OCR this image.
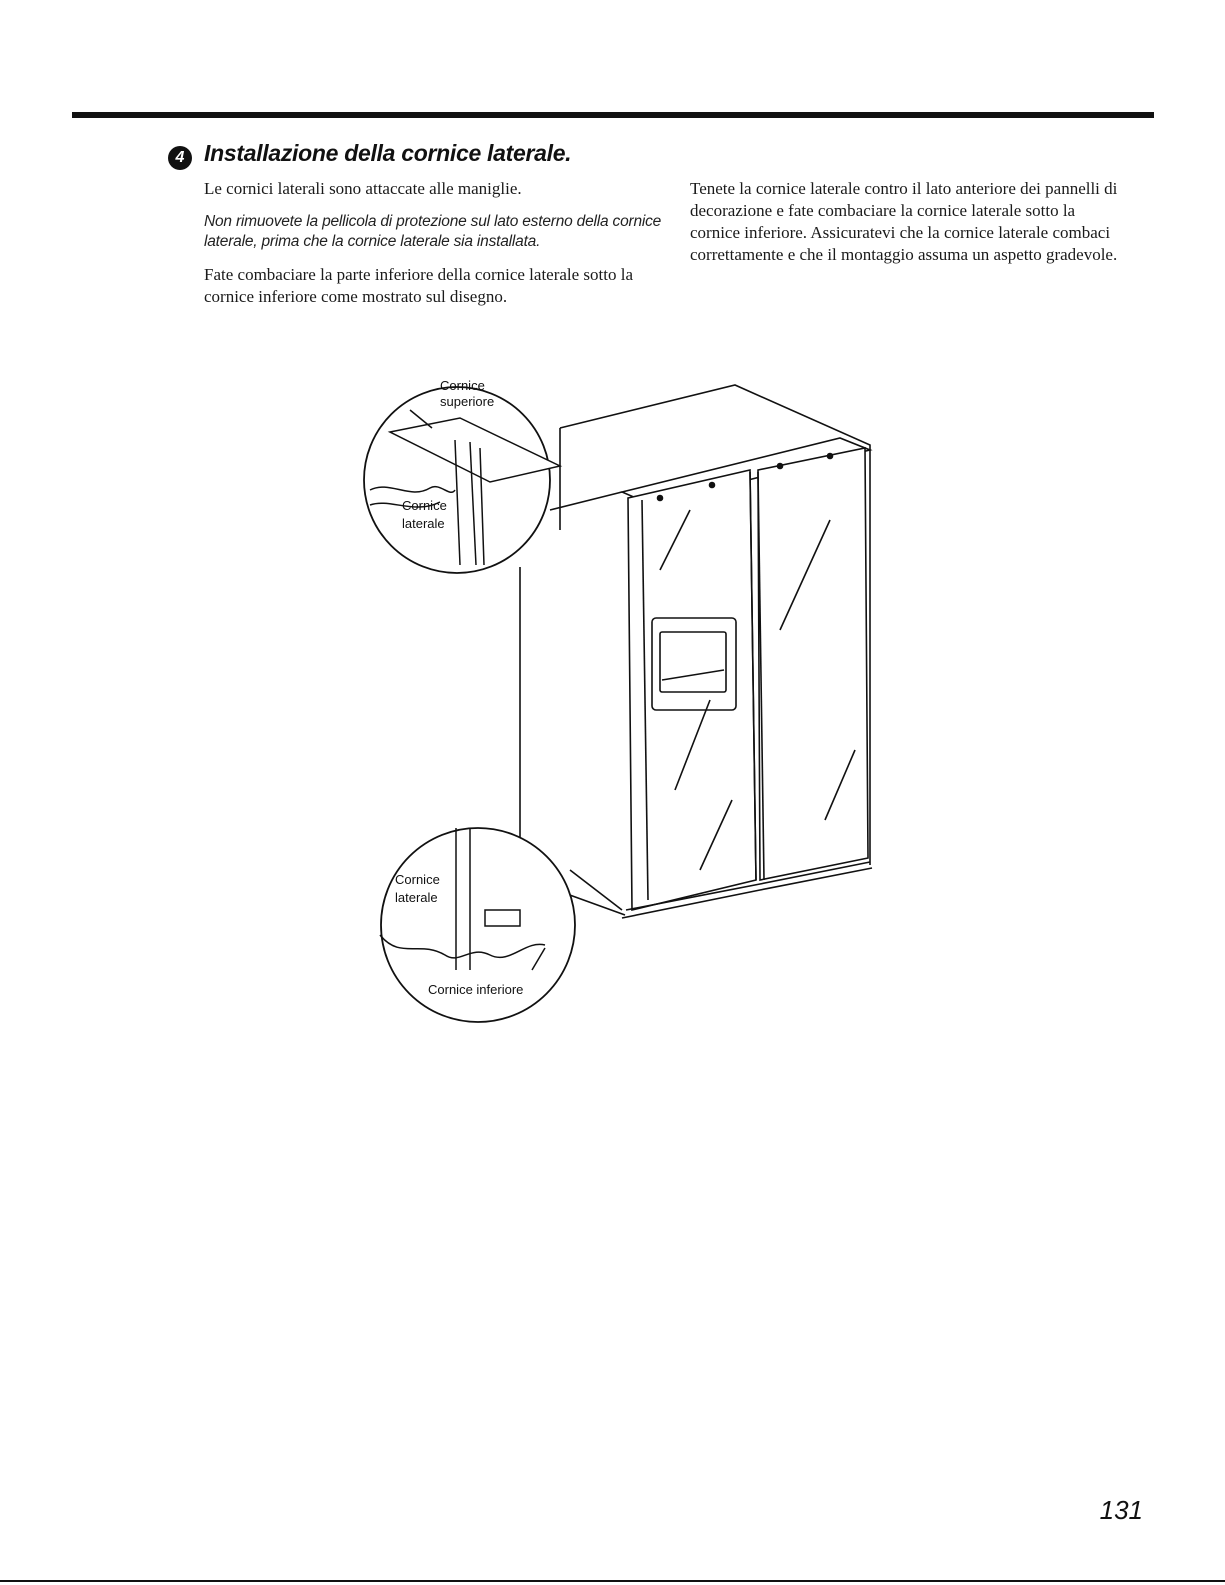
4 Installazione della cornice laterale.

Le cornici laterali sono attaccate alle maniglie.

Non rimuovete la pellicola di protezione sul lato esterno della cornice laterale, prima che la cornice laterale sia installata.

Fate combaciare la parte inferiore della cornice laterale sotto la cornice inferiore come mostrato sul disegno.

Tenete la cornice laterale contro il lato anteriore dei pannelli di decorazione e fate combaciare la cornice laterale sotto la cornice inferiore. Assicuratevi che la cornice laterale combaci correttamente e che il montaggio assuma un aspetto gradevole.

Cornice
superiore
Cornice
laterale
Cornice
laterale
Cornice inferiore
131
